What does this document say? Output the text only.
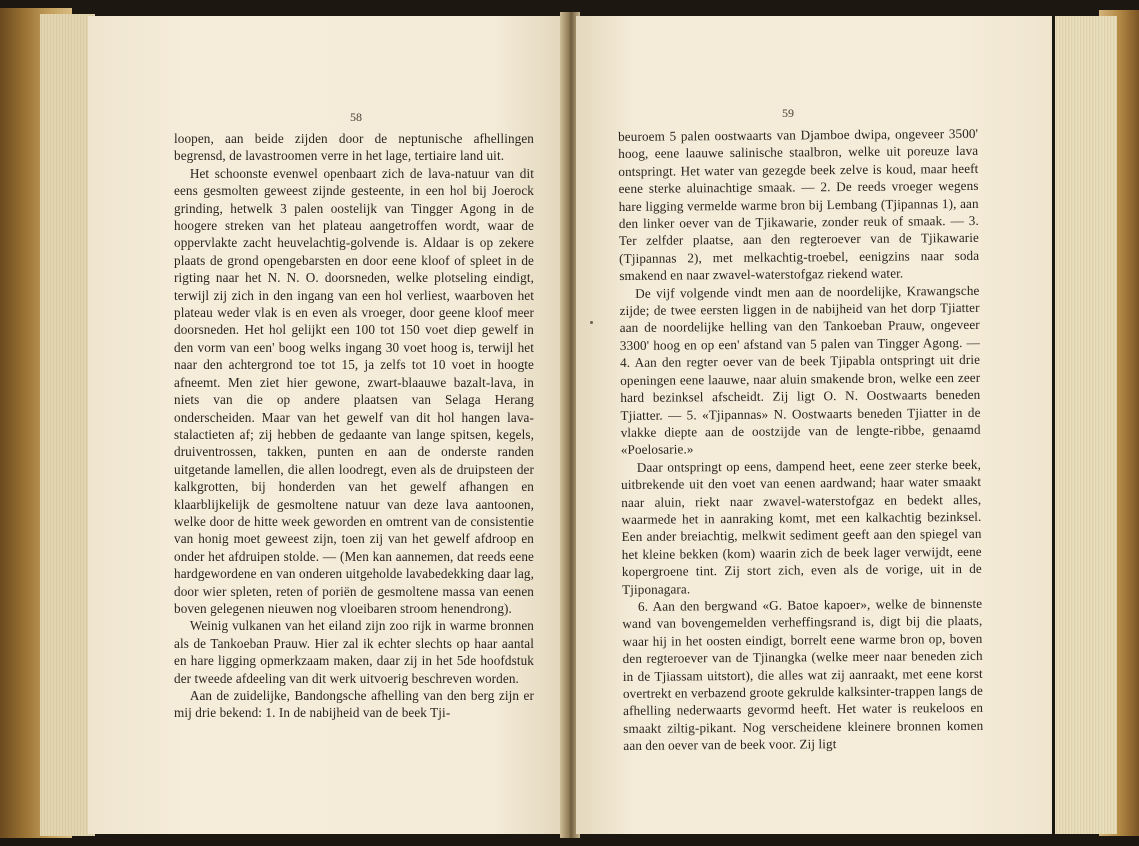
58

loopen, aan beide zijden door de neptunische afhellingen begrensd, de lavastroomen verre in het lage, tertiaire land uit.

Het schoonste evenwel openbaart zich de lava-natuur van dit eens gesmolten geweest zijnde gesteente, in een hol bij Joerock grinding, hetwelk 3 palen oostelijk van Tingger Agong in de hoogere streken van het plateau aangetroffen wordt, waar de oppervlakte zacht heuvelachtig-golvende is. Aldaar is op zekere plaats de grond opengebarsten en door eene kloof of spleet in de rigting naar het N. N. O. doorsneden, welke plotseling eindigt, terwijl zij zich in den ingang van een hol verliest, waarboven het plateau weder vlak is en even als vroeger, door geene kloof meer doorsneden. Het hol gelijkt een 100 tot 150 voet diep gewelf in den vorm van een' boog welks ingang 30 voet hoog is, terwijl het naar den achtergrond toe tot 15, ja zelfs tot 10 voet in hoogte afneemt. Men ziet hier gewone, zwart-blaauwe bazalt-lava, in niets van die op andere plaatsen van Selaga Herang onderscheiden. Maar van het gewelf van dit hol hangen lava-stalactieten af; zij hebben de gedaante van lange spitsen, kegels, druiventrossen, takken, punten en aan de onderste randen uitgetande lamellen, die allen loodregt, even als de druipsteen der kalkgrotten, bij honderden van het gewelf afhangen en klaarblijkelijk de gesmoltene natuur van deze lava aantoonen, welke door de hitte week geworden en omtrent van de consistentie van honig moet geweest zijn, toen zij van het gewelf afdroop en onder het afdruipen stolde. — (Men kan aannemen, dat reeds eene hardgewordene en van onderen uitgeholde lavabedekking daar lag, door wier spleten, reten of poriën de gesmoltene massa van eenen boven gelegenen nieuwen nog vloeibaren stroom henendrong).

Weinig vulkanen van het eiland zijn zoo rijk in warme bronnen als de Tankoeban Prauw. Hier zal ik echter slechts op haar aantal en hare ligging opmerkzaam maken, daar zij in het 5de hoofdstuk der tweede afdeeling van dit werk uitvoerig beschreven worden.

Aan de zuidelijke, Bandongsche afhelling van den berg zijn er mij drie bekend: 1. In de nabijheid van de beek Tji-

59

beuroem 5 palen oostwaarts van Djamboe dwipa, ongeveer 3500' hoog, eene laauwe salinische staalbron, welke uit poreuze lava ontspringt. Het water van gezegde beek zelve is koud, maar heeft eene sterke aluinachtige smaak. — 2. De reeds vroeger wegens hare ligging vermelde warme bron bij Lembang (Tjipannas 1), aan den linker oever van de Tjikawarie, zonder reuk of smaak. — 3. Ter zelfder plaatse, aan den regteroever van de Tjikawarie (Tjipannas 2), met melkachtig-troebel, eenigzins naar soda smakend en naar zwavel-waterstofgaz riekend water.

De vijf volgende vindt men aan de noordelijke, Krawangsche zijde; de twee eersten liggen in de nabijheid van het dorp Tjiatter aan de noordelijke helling van den Tankoeban Prauw, ongeveer 3300' hoog en op een' afstand van 5 palen van Tingger Agong. — 4. Aan den regter oever van de beek Tjipabla ontspringt uit drie openingen eene laauwe, naar aluin smakende bron, welke een zeer hard bezinksel afscheidt. Zij ligt O. N. Oostwaarts beneden Tjiatter. — 5. «Tjipannas» N. Oostwaarts beneden Tjiatter in de vlakke diepte aan de oostzijde van de lengte-ribbe, genaamd «Poelosarie.»

Daar ontspringt op eens, dampend heet, eene zeer sterke beek, uitbrekende uit den voet van eenen aardwand; haar water smaakt naar aluin, riekt naar zwavel-waterstofgaz en bedekt alles, waarmede het in aanraking komt, met een kalkachtig bezinksel. Een ander breiachtig, melkwit sediment geeft aan den spiegel van het kleine bekken (kom) waarin zich de beek lager verwijdt, eene kopergroene tint. Zij stort zich, even als de vorige, uit in de Tjiponagara.

6. Aan den bergwand «G. Batoe kapoer», welke de binnenste wand van bovengemelden verheffingsrand is, digt bij die plaats, waar hij in het oosten eindigt, borrelt eene warme bron op, boven den regteroever van de Tjinangka (welke meer naar beneden zich in de Tjiassam uitstort), die alles wat zij aanraakt, met eene korst overtrekt en verbazend groote gekrulde kalksinter-trappen langs de afhelling nederwaarts gevormd heeft. Het water is reukeloos en smaakt ziltig-pikant. Nog verscheidene kleinere bronnen komen aan den oever van de beek voor. Zij ligt
